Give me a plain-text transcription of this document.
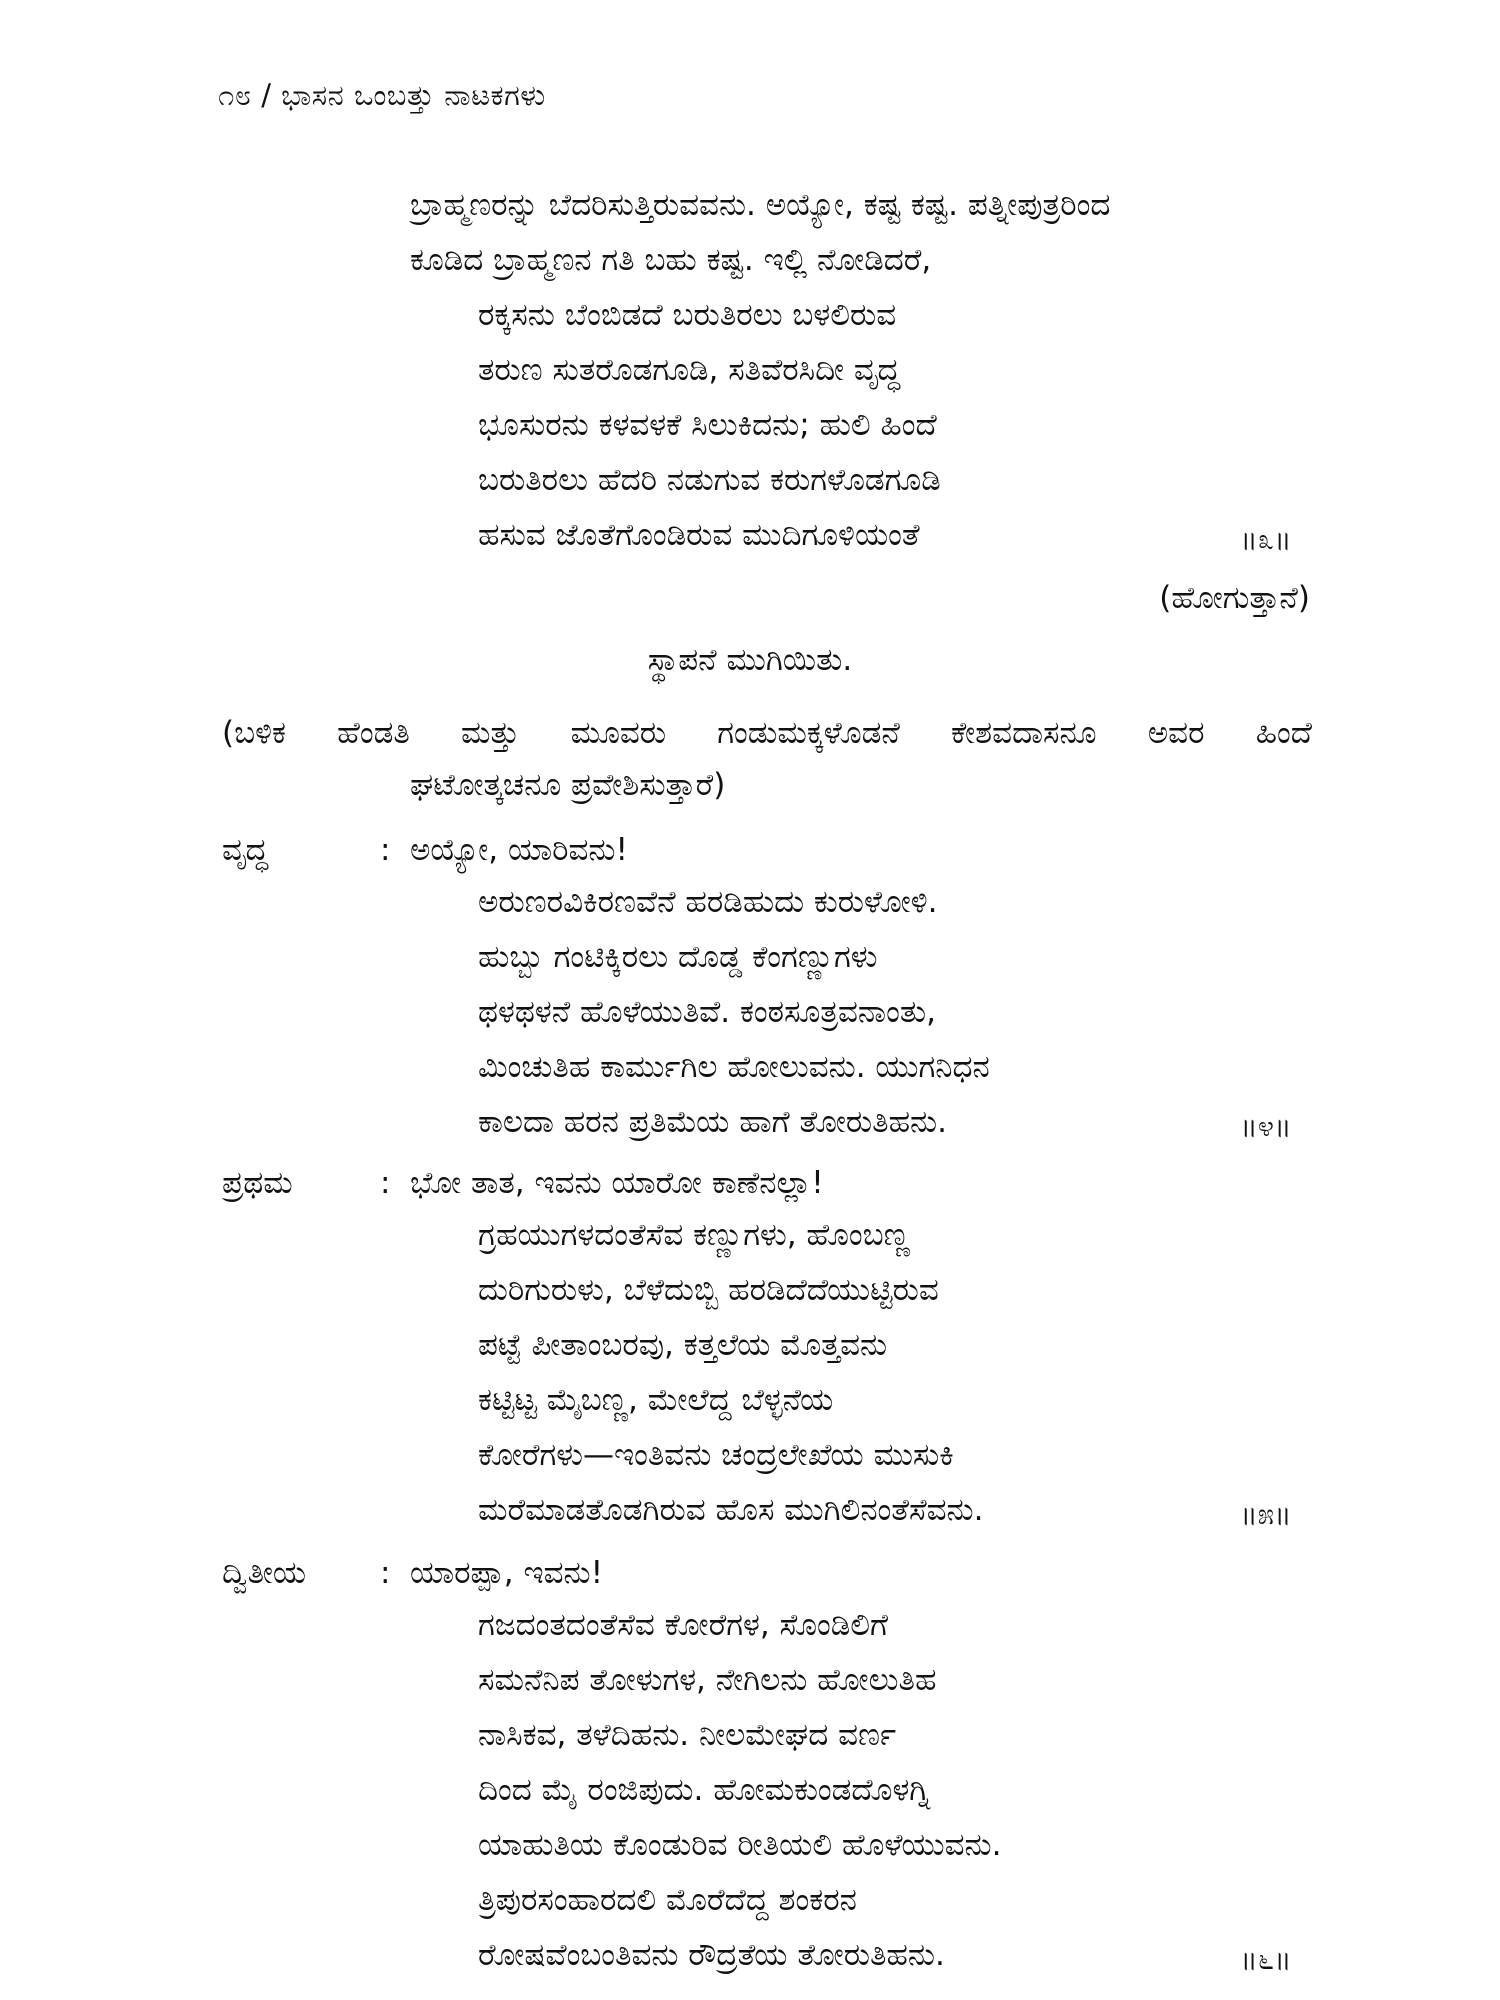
೧೮ / ಭಾಸನ ಒಂಬತ್ತು ನಾಟಕಗಳು
ಬ್ರಾಹ್ಮಣರನ್ನು ಬೆದರಿಸುತ್ತಿರುವವನು. ಅಯ್ಯೋ, ಕಷ್ಟ ಕಷ್ಟ. ಪತ್ನೀಪುತ್ರರಿಂದ
ಕೂಡಿದ ಬ್ರಾಹ್ಮಣನ ಗತಿ ಬಹು ಕಷ್ಟ. ಇಲ್ಲಿ ನೋಡಿದರೆ,
ರಕ್ಕಸನು ಬೆಂಬಿಡದೆ ಬರುತಿರಲು ಬಳಲಿರುವ
ತರುಣ ಸುತರೊಡಗೂಡಿ, ಸತಿವೆರಸಿದೀ ವೃದ್ಧ
ಭೂಸುರನು ಕಳವಳಕೆ ಸಿಲುಕಿದನು; ಹುಲಿ ಹಿಂದೆ
ಬರುತಿರಲು ಹೆದರಿ ನಡುಗುವ ಕರುಗಳೊಡಗೂಡಿ
ಹಸುವ ಜೊತೆಗೊಂಡಿರುವ ಮುದಿಗೂಳಿಯಂತೆ	॥೩॥
(ಹೋಗುತ್ತಾನೆ)
ಸ್ಥಾಪನೆ ಮುಗಿಯಿತು.
(ಬಳಿಕ ಹೆಂಡತಿ ಮತ್ತು ಮೂವರು ಗಂಡುಮಕ್ಕಳೊಡನೆ ಕೇಶವದಾಸನೂ ಅವರ ಹಿಂದೆ
ಘಟೋತ್ಕಚನೂ ಪ್ರವೇಶಿಸುತ್ತಾರೆ)
ವೃದ್ಧ	: ಅಯ್ಯೋ, ಯಾರಿವನು!
ಅರುಣರವಿಕಿರಣವೆನೆ ಹರಡಿಹುದು ಕುರುಳೋಳಿ.
ಹುಬ್ಬು ಗಂಟಿಕ್ಕಿರಲು ದೊಡ್ಡ ಕೆಂಗಣ್ಣುಗಳು
ಥಳಥಳನೆ ಹೊಳೆಯುತಿವೆ. ಕಂಠಸೂತ್ರವನಾಂತು,
ಮಿಂಚುತಿಹ ಕಾರ್ಮುಗಿಲ ಹೋಲುವನು. ಯುಗನಿಧನ
ಕಾಲದಾ ಹರನ ಪ್ರತಿಮೆಯ ಹಾಗೆ ತೋರುತಿಹನು.	॥೪॥
ಪ್ರಥಮ	: ಭೋ ತಾತ, ಇವನು ಯಾರೋ ಕಾಣೆನಲ್ಲಾ!
ಗ್ರಹಯುಗಳದಂತೆಸೆವ ಕಣ್ಣುಗಳು, ಹೊಂಬಣ್ಣ
ದುರಿಗುರುಳು, ಬೆಳೆದುಬ್ಬಿ ಹರಡಿದೆದೆಯುಟ್ಟಿರುವ
ಪಟ್ಟೆ ಪೀತಾಂಬರವು, ಕತ್ತಲೆಯ ಮೊತ್ತವನು
ಕಟ್ಟಿಟ್ಟ ಮೈಬಣ್ಣ, ಮೇಲೆದ್ದ ಬೆಳ್ಳನೆಯ
ಕೋರೆಗಳು—ಇಂತಿವನು ಚಂದ್ರಲೇಖೆಯ ಮುಸುಕಿ
ಮರೆಮಾಡತೊಡಗಿರುವ ಹೊಸ ಮುಗಿಲಿನಂತೆಸೆವನು.	॥೫॥
ದ್ವಿತೀಯ : ಯಾರಪ್ಪಾ, ಇವನು!
ಗಜದಂತದಂತೆಸೆವ ಕೋರೆಗಳ, ಸೊಂಡಿಲಿಗೆ
ಸಮನೆನಿಪ ತೋಳುಗಳ, ನೇಗಿಲನು ಹೋಲುತಿಹ
ನಾಸಿಕವ, ತಳೆದಿಹನು. ನೀಲಮೇಘದ ವರ್ಣ
ದಿಂದ ಮೈ ರಂಜಿಪುದು. ಹೋಮಕುಂಡದೊಳಗ್ನಿ
ಯಾಹುತಿಯ ಕೊಂಡುರಿವ ರೀತಿಯಲಿ ಹೊಳೆಯುವನು.
ತ್ರಿಪುರಸಂಹಾರದಲಿ ಮೊರೆದೆದ್ದ ಶಂಕರನ
ರೋಷವೆಂಬಂತಿವನು ರೌದ್ರತೆಯ ತೋರುತಿಹನು.	॥೬॥
